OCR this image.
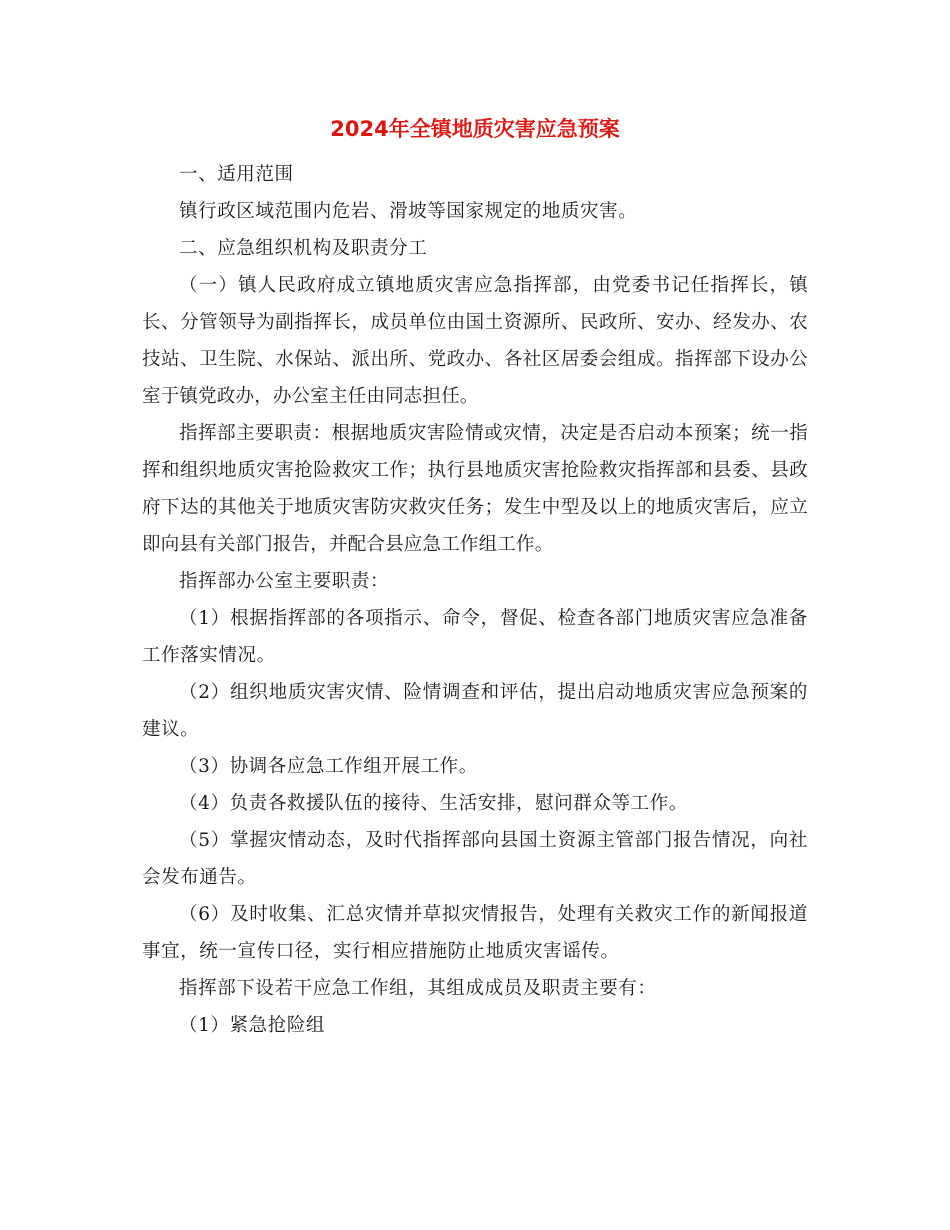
2024年全镇地质灾害应急预案

一、适用范围

镇行政区域范围内危岩、滑坡等国家规定的地质灾害。

二、应急组织机构及职责分工

（一）镇人民政府成立镇地质灾害应急指挥部，由党委书记任指挥长，镇长、分管领导为副指挥长，成员单位由国土资源所、民政所、安办、经发办、农技站、卫生院、水保站、派出所、党政办、各社区居委会组成。指挥部下设办公室于镇党政办，办公室主任由同志担任。

指挥部主要职责：根据地质灾害险情或灾情，决定是否启动本预案；统一指挥和组织地质灾害抢险救灾工作；执行县地质灾害抢险救灾指挥部和县委、县政府下达的其他关于地质灾害防灾救灾任务；发生中型及以上的地质灾害后，应立即向县有关部门报告，并配合县应急工作组工作。

指挥部办公室主要职责：

（1）根据指挥部的各项指示、命令，督促、检查各部门地质灾害应急准备工作落实情况。

（2）组织地质灾害灾情、险情调查和评估，提出启动地质灾害应急预案的建议。

（3）协调各应急工作组开展工作。

（4）负责各救援队伍的接待、生活安排，慰问群众等工作。

（5）掌握灾情动态，及时代指挥部向县国土资源主管部门报告情况，向社会发布通告。

（6）及时收集、汇总灾情并草拟灾情报告，处理有关救灾工作的新闻报道事宜，统一宣传口径，实行相应措施防止地质灾害谣传。

指挥部下设若干应急工作组，其组成成员及职责主要有：

（1）紧急抢险组
